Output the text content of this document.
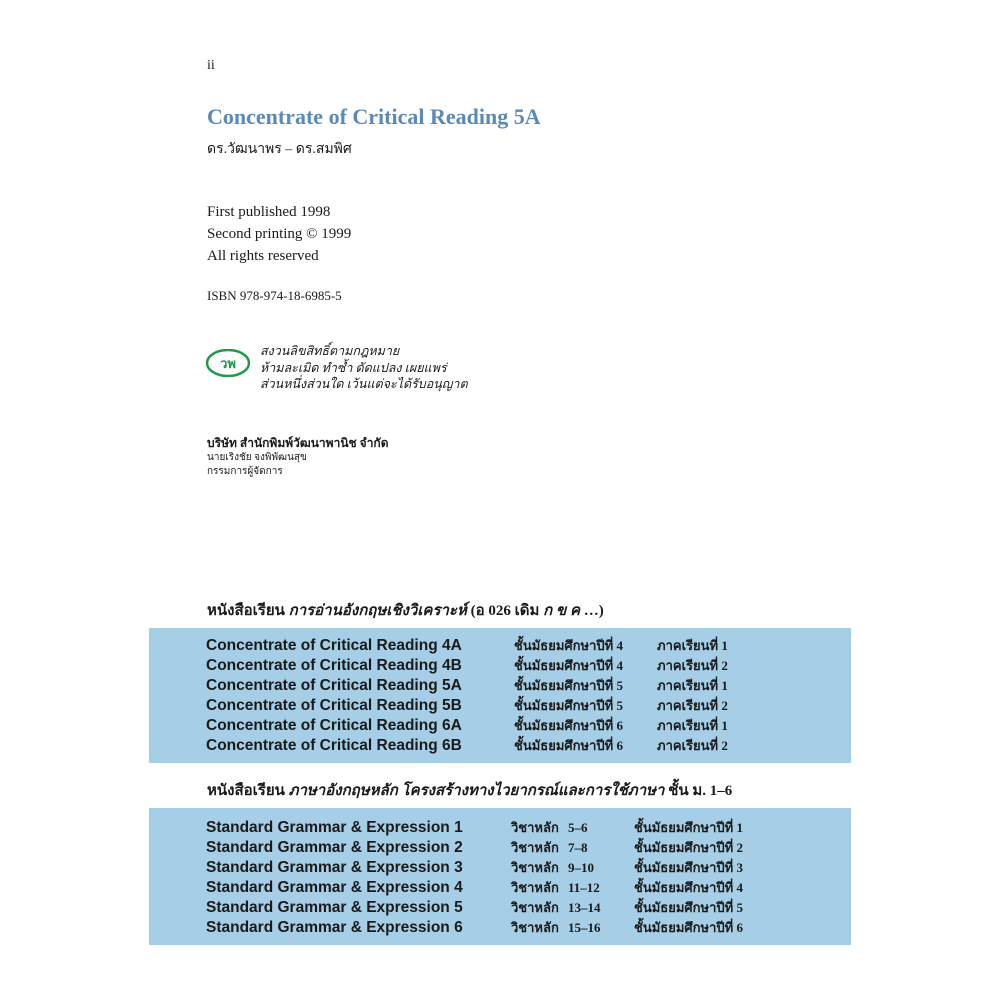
ii
Concentrate of Critical Reading 5A
ดร.วัฒนาพร – ดร.สมพิศ
First published 1998
Second printing © 1999
All rights reserved
ISBN 978-974-18-6985-5
วพ
สงวนลิขสิทธิ์ตามกฎหมาย
ห้ามละเมิด ทำซ้ำ ดัดแปลง เผยแพร่
ส่วนหนึ่งส่วนใด เว้นแต่จะได้รับอนุญาต
บริษัท สำนักพิมพ์วัฒนาพานิช จำกัด
นายเริงชัย จงพิพัฒนสุข
กรรมการผู้จัดการ
หนังสือเรียน การอ่านอังกฤษเชิงวิเคราะห์ (อ 026 เดิม ก ข ค …)
Concentrate of Critical Reading 4A	ชั้นมัธยมศึกษาปีที่ 4	ภาคเรียนที่ 1
Concentrate of Critical Reading 4B	ชั้นมัธยมศึกษาปีที่ 4	ภาคเรียนที่ 2
Concentrate of Critical Reading 5A	ชั้นมัธยมศึกษาปีที่ 5	ภาคเรียนที่ 1
Concentrate of Critical Reading 5B	ชั้นมัธยมศึกษาปีที่ 5	ภาคเรียนที่ 2
Concentrate of Critical Reading 6A	ชั้นมัธยมศึกษาปีที่ 6	ภาคเรียนที่ 1
Concentrate of Critical Reading 6B	ชั้นมัธยมศึกษาปีที่ 6	ภาคเรียนที่ 2
หนังสือเรียน ภาษาอังกฤษหลัก โครงสร้างทางไวยากรณ์และการใช้ภาษา ชั้น ม. 1–6
Standard Grammar & Expression 1	วิชาหลัก 5–6	ชั้นมัธยมศึกษาปีที่ 1
Standard Grammar & Expression 2	วิชาหลัก 7–8	ชั้นมัธยมศึกษาปีที่ 2
Standard Grammar & Expression 3	วิชาหลัก 9–10	ชั้นมัธยมศึกษาปีที่ 3
Standard Grammar & Expression 4	วิชาหลัก 11–12	ชั้นมัธยมศึกษาปีที่ 4
Standard Grammar & Expression 5	วิชาหลัก 13–14	ชั้นมัธยมศึกษาปีที่ 5
Standard Grammar & Expression 6	วิชาหลัก 15–16	ชั้นมัธยมศึกษาปีที่ 6
